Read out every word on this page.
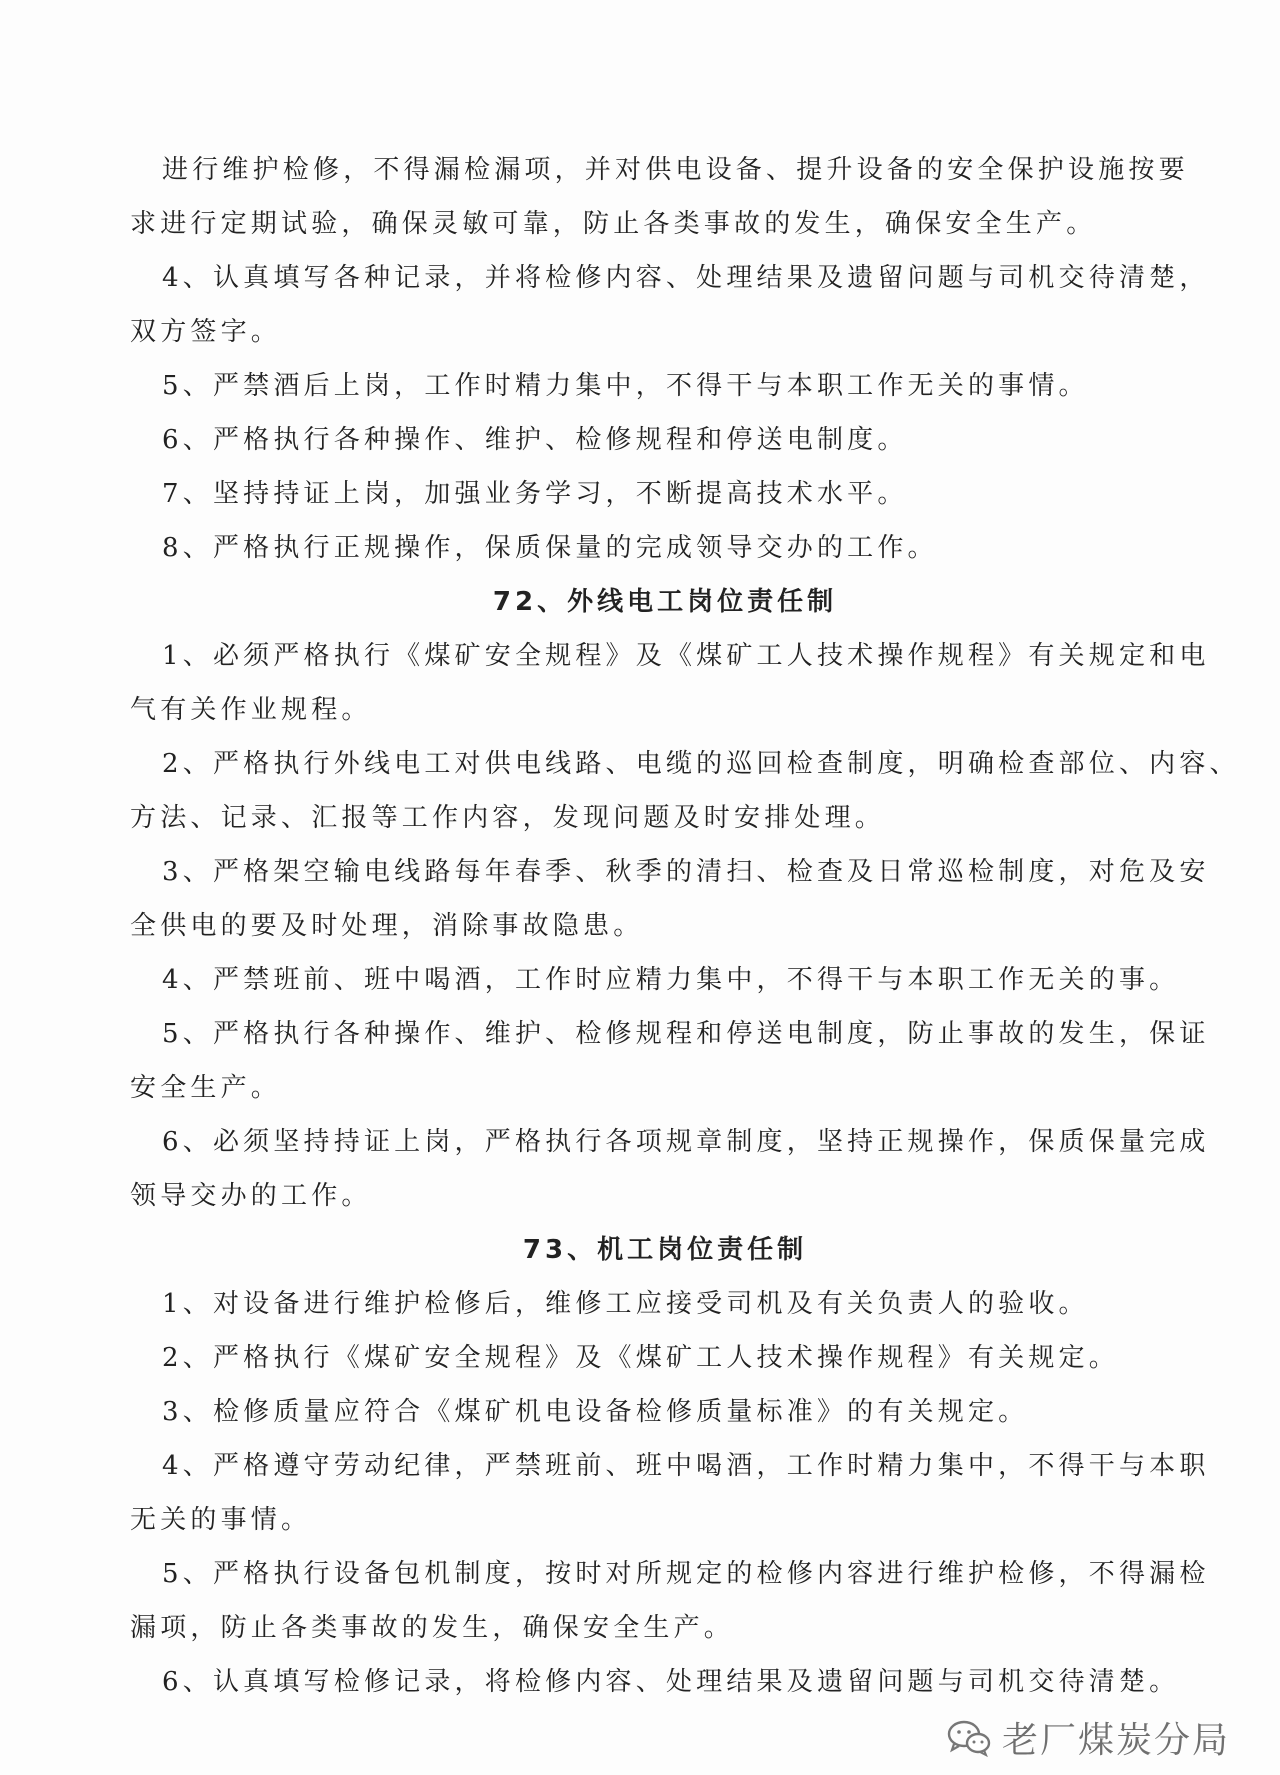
进行维护检修，不得漏检漏项，并对供电设备、提升设备的安全保护设施按要

求进行定期试验，确保灵敏可靠，防止各类事故的发生，确保安全生产。

4、认真填写各种记录，并将检修内容、处理结果及遗留问题与司机交待清楚，

双方签字。

5、严禁酒后上岗，工作时精力集中，不得干与本职工作无关的事情。

6、严格执行各种操作、维护、检修规程和停送电制度。

7、坚持持证上岗，加强业务学习，不断提高技术水平。

8、严格执行正规操作，保质保量的完成领导交办的工作。

72、外线电工岗位责任制

1、必须严格执行《煤矿安全规程》及《煤矿工人技术操作规程》有关规定和电

气有关作业规程。

2、严格执行外线电工对供电线路、电缆的巡回检查制度，明确检查部位、内容、

方法、记录、汇报等工作内容，发现问题及时安排处理。

3、严格架空输电线路每年春季、秋季的清扫、检查及日常巡检制度，对危及安

全供电的要及时处理，消除事故隐患。

4、严禁班前、班中喝酒，工作时应精力集中，不得干与本职工作无关的事。

5、严格执行各种操作、维护、检修规程和停送电制度，防止事故的发生，保证

安全生产。

6、必须坚持持证上岗，严格执行各项规章制度，坚持正规操作，保质保量完成

领导交办的工作。

73、机工岗位责任制

1、对设备进行维护检修后，维修工应接受司机及有关负责人的验收。

2、严格执行《煤矿安全规程》及《煤矿工人技术操作规程》有关规定。

3、检修质量应符合《煤矿机电设备检修质量标准》的有关规定。

4、严格遵守劳动纪律，严禁班前、班中喝酒，工作时精力集中，不得干与本职

无关的事情。

5、严格执行设备包机制度，按时对所规定的检修内容进行维护检修，不得漏检

漏项，防止各类事故的发生，确保安全生产。

6、认真填写检修记录，将检修内容、处理结果及遗留问题与司机交待清楚。

老厂煤炭分局
